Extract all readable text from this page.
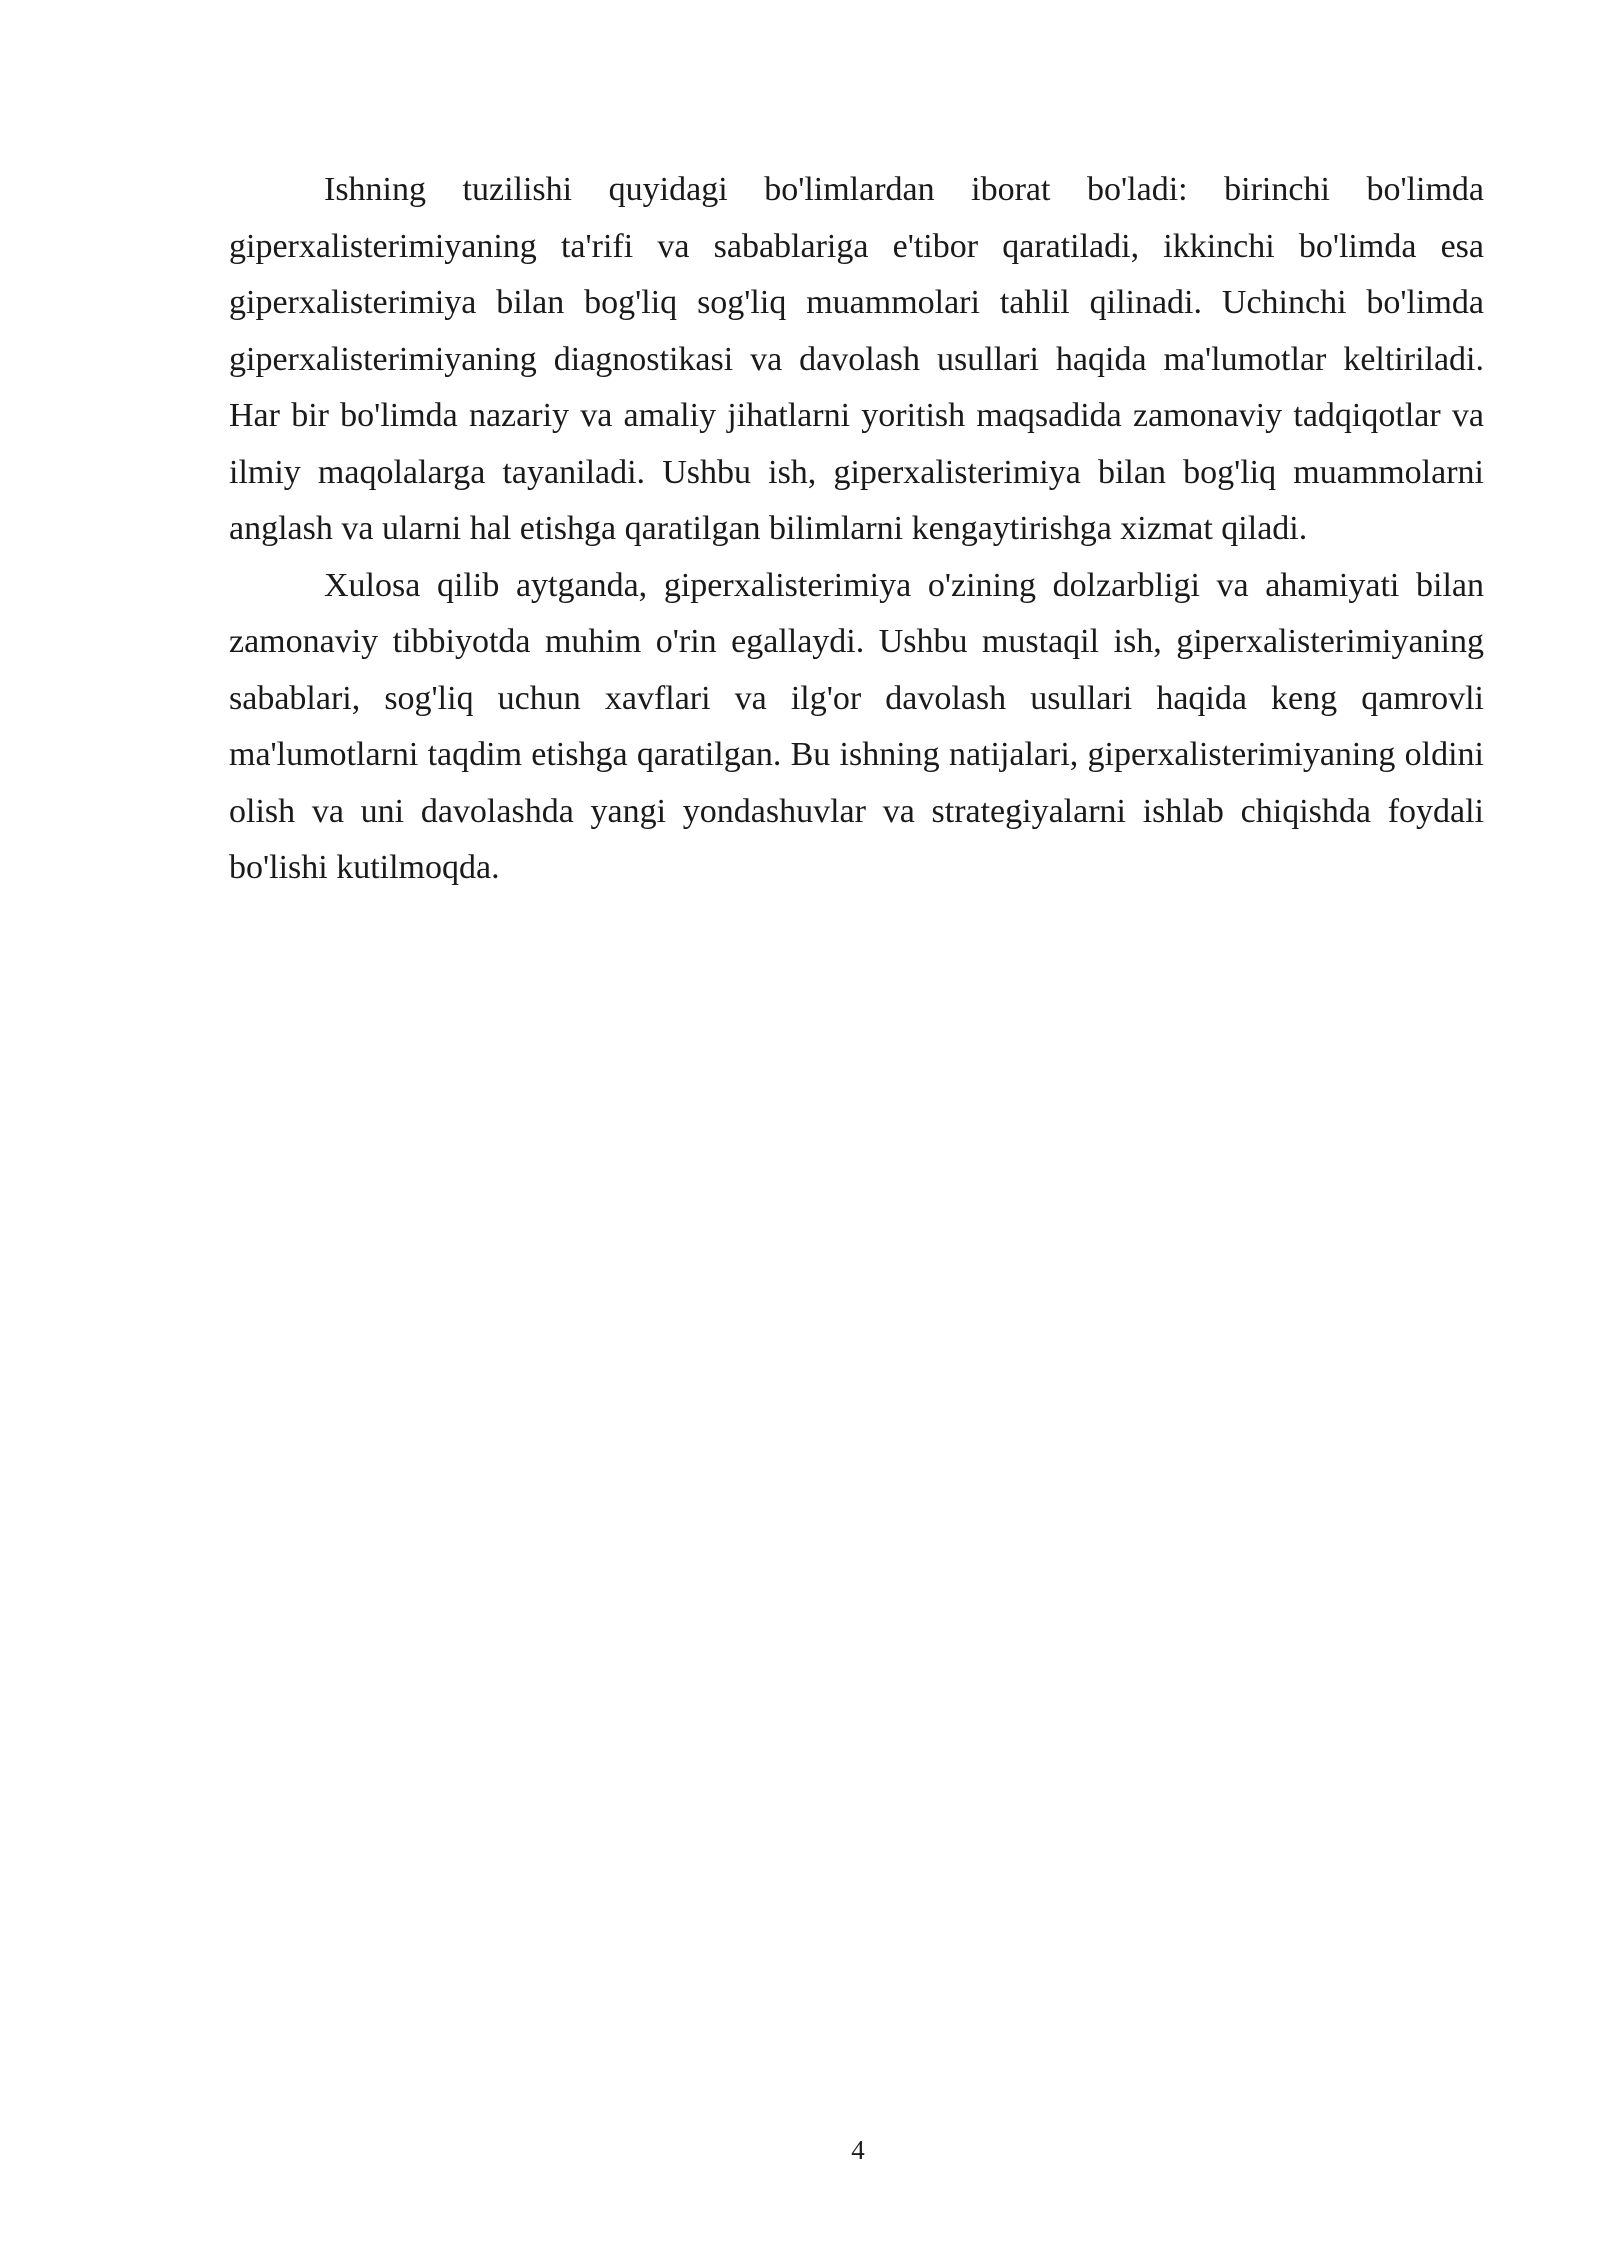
Ishning tuzilishi quyidagi bo'limlardan iborat bo'ladi: birinchi bo'limda giperxalisterimiyaning ta'rifi va sabablariga e'tibor qaratiladi, ikkinchi bo'limda esa giperxalisterimiya bilan bog'liq sog'liq muammolari tahlil qilinadi. Uchinchi bo'limda giperxalisterimiyaning diagnostikasi va davolash usullari haqida ma'lumotlar keltiriladi. Har bir bo'limda nazariy va amaliy jihatlarni yoritish maqsadida zamonaviy tadqiqotlar va ilmiy maqolalarga tayaniladi. Ushbu ish, giperxalisterimiya bilan bog'liq muammolarni anglash va ularni hal etishga qaratilgan bilimlarni kengaytirishga xizmat qiladi.

Xulosa qilib aytganda, giperxalisterimiya o'zining dolzarbligi va ahamiyati bilan zamonaviy tibbiyotda muhim o'rin egallaydi. Ushbu mustaqil ish, giperxalisterimiyaning sabablari, sog'liq uchun xavflari va ilg'or davolash usullari haqida keng qamrovli ma'lumotlarni taqdim etishga qaratilgan. Bu ishning natijalari, giperxalisterimiyaning oldini olish va uni davolashda yangi yondashuvlar va strategiyalarni ishlab chiqishda foydali bo'lishi kutilmoqda.

4
